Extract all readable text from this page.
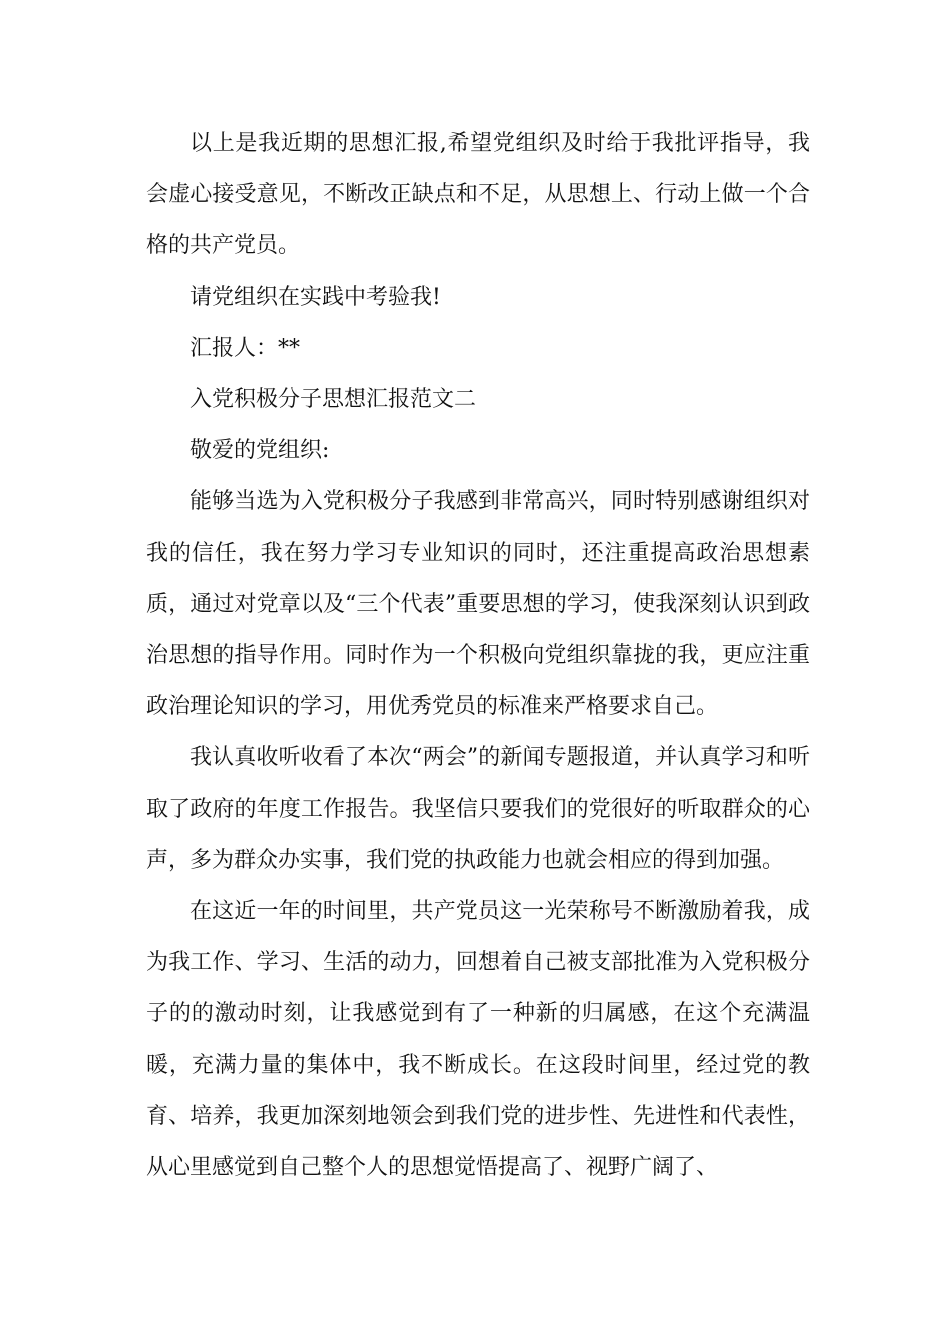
以上是我近期的思想汇报,希望党组织及时给于我批评指导，我会虚心接受意见，不断改正缺点和不足，从思想上、行动上做一个合格的共产党员。

请党组织在实践中考验我!

汇报人：**

入党积极分子思想汇报范文二

敬爱的党组织:

能够当选为入党积极分子我感到非常高兴，同时特别感谢组织对我的信任，我在努力学习专业知识的同时，还注重提高政治思想素质，通过对党章以及“三个代表”重要思想的学习，使我深刻认识到政治思想的指导作用。同时作为一个积极向党组织靠拢的我，更应注重政治理论知识的学习，用优秀党员的标准来严格要求自己。

我认真收听收看了本次“两会”的新闻专题报道，并认真学习和听取了政府的年度工作报告。我坚信只要我们的党很好的听取群众的心声，多为群众办实事，我们党的执政能力也就会相应的得到加强。

在这近一年的时间里，共产党员这一光荣称号不断激励着我，成为我工作、学习、生活的动力，回想着自己被支部批准为入党积极分子的的激动时刻，让我感觉到有了一种新的归属感，在这个充满温暖，充满力量的集体中，我不断成长。在这段时间里，经过党的教育、培养，我更加深刻地领会到我们党的进步性、先进性和代表性，从心里感觉到自己整个人的思想觉悟提高了、视野广阔了、
